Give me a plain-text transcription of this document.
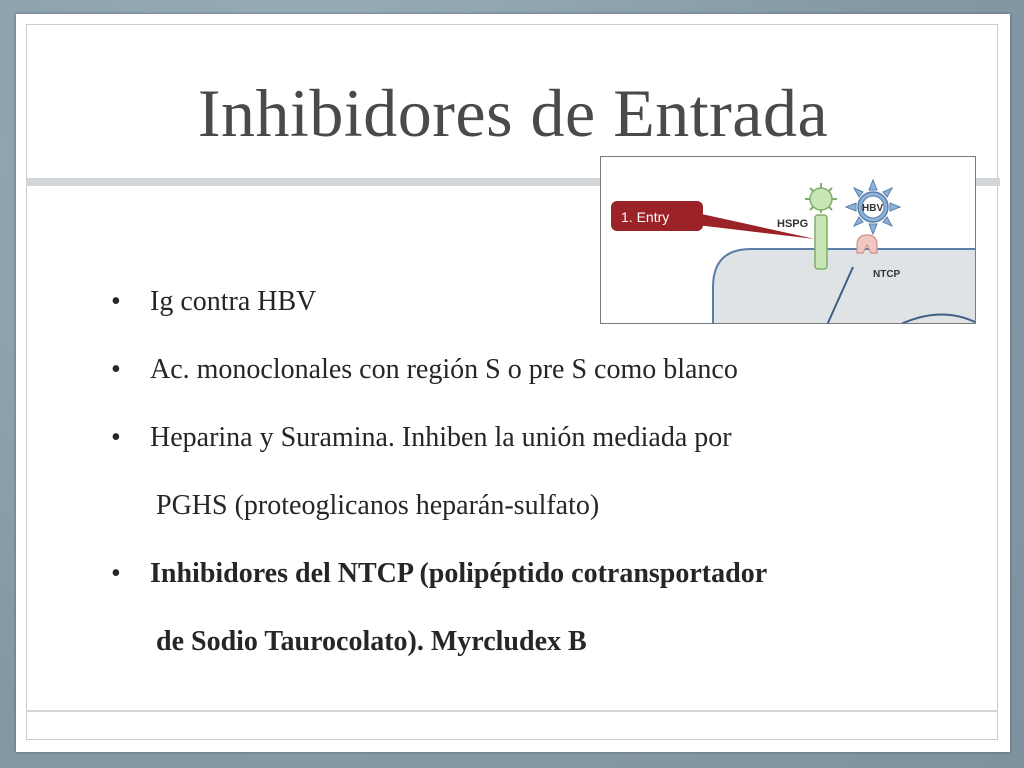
Inhibidores de Entrada
1. Entry	HSPG
HBV
NTCP
• Ig contra HBV
• Ac. monoclonales con región S o pre S como blanco
• Heparina y Suramina. Inhiben la unión mediada por
PGHS (proteoglicanos heparán-sulfato)
• Inhibidores del NTCP (polipéptido cotransportador
de Sodio Taurocolato). Myrcludex B
